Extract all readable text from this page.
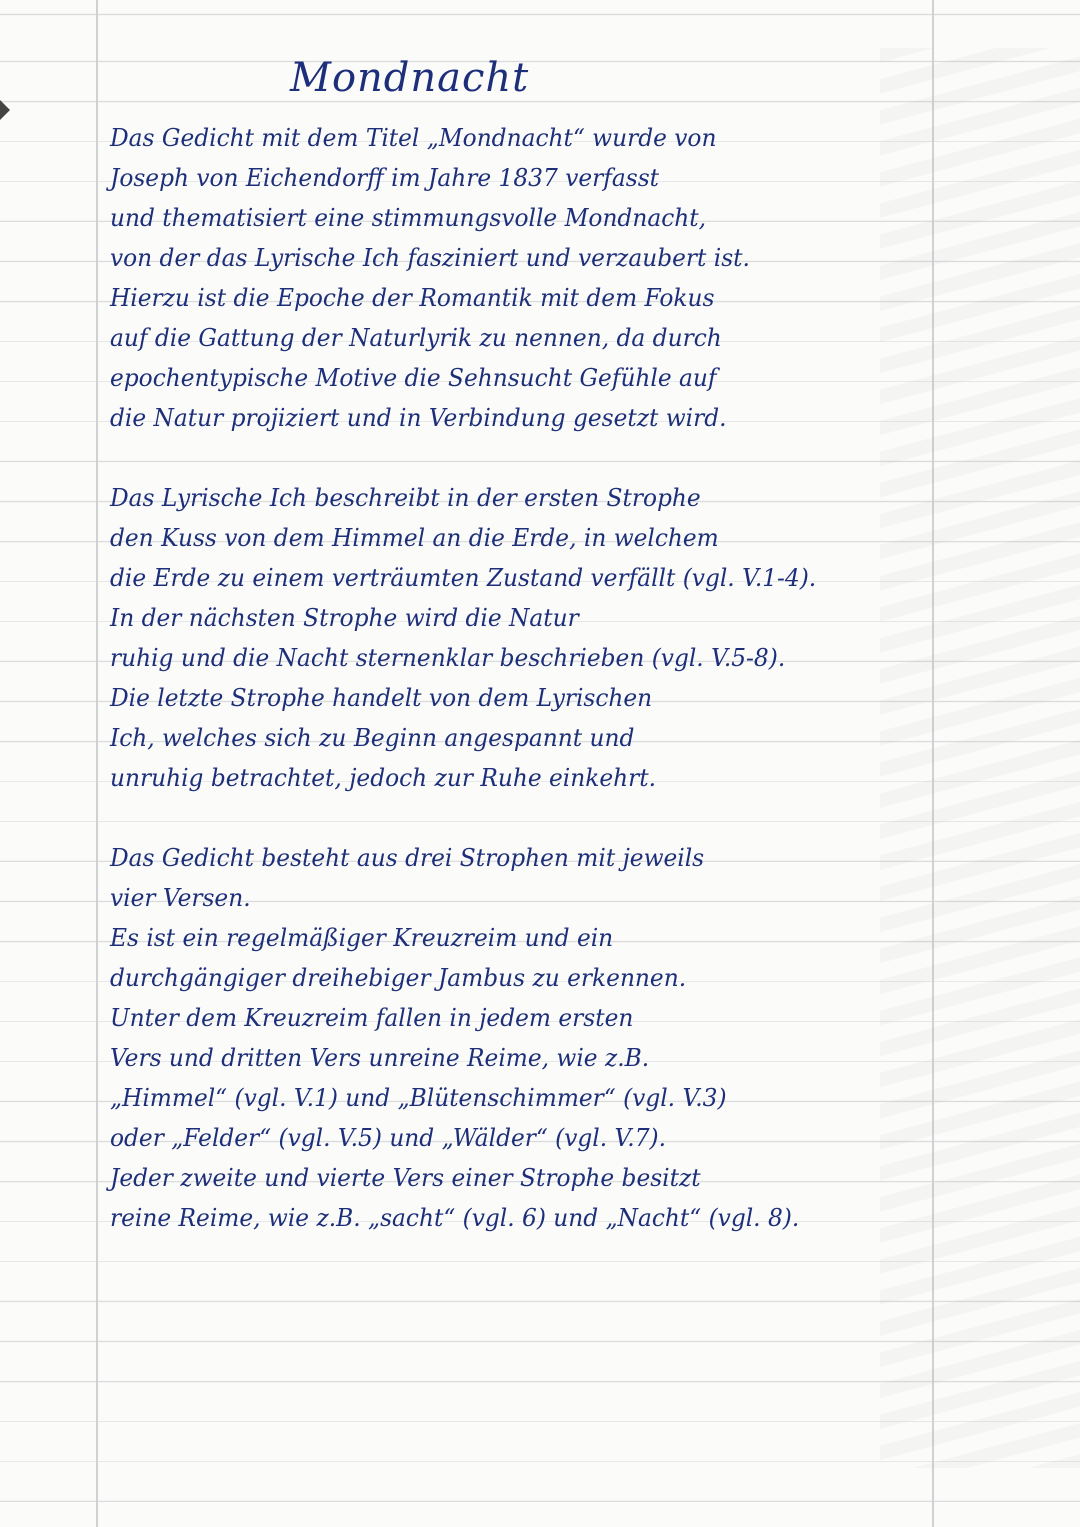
Mondnacht
Das Gedicht mit dem Titel „Mondnacht“ wurde von
Joseph von Eichendorff im Jahre 1837 verfasst
und thematisiert eine stimmungsvolle Mondnacht,
von der das Lyrische Ich fasziniert und verzaubert ist.
Hierzu ist die Epoche der Romantik mit dem Fokus
auf die Gattung der Naturlyrik zu nennen, da durch
epochentypische Motive die Sehnsucht Gefühle auf
die Natur projiziert und in Verbindung gesetzt wird.
Das Lyrische Ich beschreibt in der ersten Strophe
den Kuss von dem Himmel an die Erde, in welchem
die Erde zu einem verträumten Zustand verfällt (vgl. V.1-4).
In der nächsten Strophe wird die Natur
ruhig und die Nacht sternenklar beschrieben (vgl. V.5-8).
Die letzte Strophe handelt von dem Lyrischen
Ich, welches sich zu Beginn angespannt und
unruhig betrachtet, jedoch zur Ruhe einkehrt.
Das Gedicht besteht aus drei Strophen mit jeweils
vier Versen.
Es ist ein regelmäßiger Kreuzreim und ein
durchgängiger dreihebiger Jambus zu erkennen.
Unter dem Kreuzreim fallen in jedem ersten
Vers und dritten Vers unreine Reime, wie z.B.
„Himmel“ (vgl. V.1) und „Blütenschimmer“ (vgl. V.3)
oder „Felder“ (vgl. V.5) und „Wälder“ (vgl. V.7).
Jeder zweite und vierte Vers einer Strophe besitzt
reine Reime, wie z.B. „sacht“ (vgl. 6) und „Nacht“ (vgl. 8).
